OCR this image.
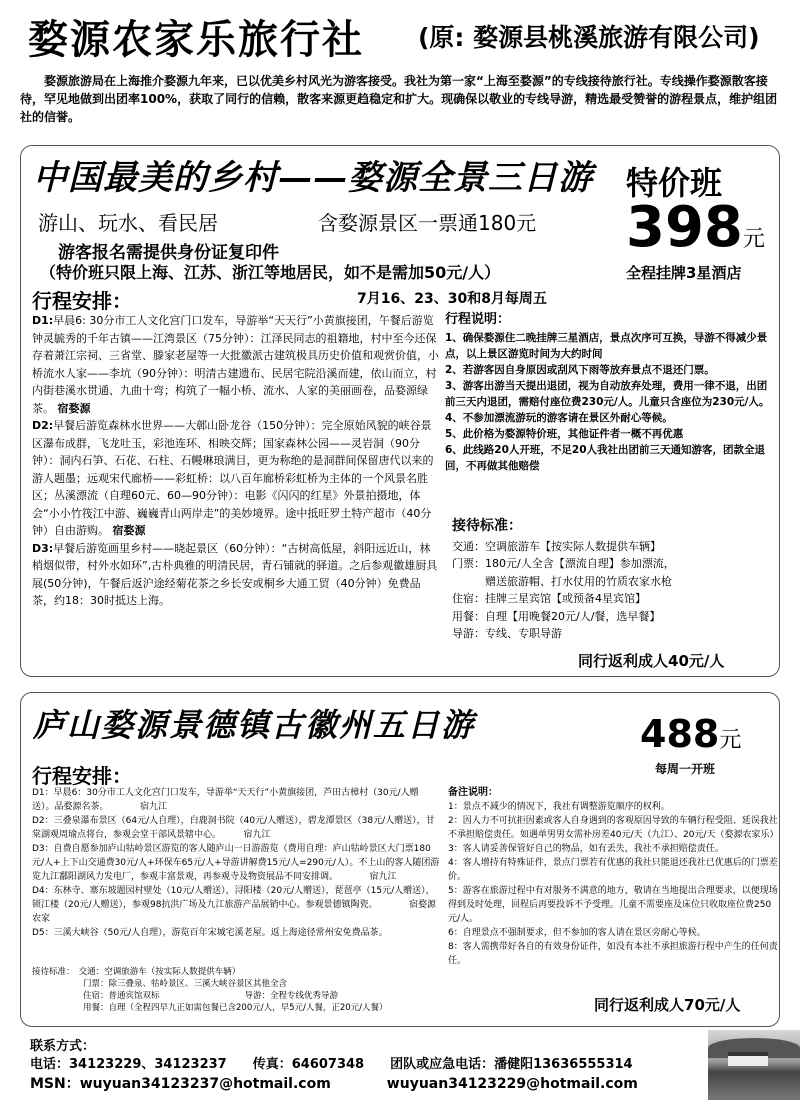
婺源农家乐旅行社 (原: 婺源县桃溪旅游有限公司)
婺源旅游局在上海推介婺源九年来，已以优美乡村风光为游客接受。我社为第一家“上海至婺源”的专线接待旅行社。专线操作婺源散客接待，罕见地做到出团率100%，获取了同行的信赖，散客来源更趋稳定和扩大。现确保以敬业的专线导游，精选最受赞誉的游程景点，维护组团社的信誉。
中国最美的乡村——婺源全景三日游 特价班
398元
全程挂牌3星酒店
游山、玩水、看民居	含婺源景区一票通180元
游客报名需提供身份证复印件
（特价班只限上海、江苏、浙江等地居民，如不是需加50元/人）
行程安排：	7月16、23、30和8月每周五

D1:早晨6: 30分市工人文化宫门口发车，导游举“天天行”小黄旗接团，午餐后游览钟灵毓秀的千年古镇——江湾景区（75分钟）：江泽民同志的祖籍地，村中至今还保存着萧江宗祠、三省堂、滕家老屋等一大批徽派古建筑极具历史价值和观赏价值，小桥流水人家——李坑（90分钟）：明清古建遗布、民居宅院沿溪而建，依山而立，村内街巷溪水贯通、九曲十弯；构筑了一幅小桥、流水、人家的美丽画卷，品婺源绿茶。 宿婺源

D2:早餐后游览森林水世界——大鄣山卧龙谷（150分钟）：完全原始风貌的峡谷景区瀑布成群，飞龙吐玉，彩池连环、相映交辉；国家森林公园——灵岩洞（90分钟）：洞内石笋、石花、石柱、石幔琳琅满目，更为称绝的是洞群间保留唐代以来的游人题墨；远观宋代廊桥——彩虹桥：以八百年廊桥彩虹桥为主体的一个风景名胜区；丛溪漂流（自理60元、60—90分钟）：电影《闪闪的红星》外景拍摄地，体会“小小竹筏江中游、巍巍青山两岸走”的美妙境界。途中抵旺罗土特产超市（40分钟）自由游购。 宿婺源

D3:早餐后游览画里乡村——晓起景区（60分钟）：“古树高低屋，斜阳远近山，林梢烟似带，村外水如环”,古朴典雅的明清民居，青石铺就的驿道。之后参观徽雄厨具展(50分钟)，午餐后返沪途经菊花茶之乡长安或桐乡大通工贸（40分钟）免费品茶，约18：30时抵达上海。

行程说明：

1、确保婺源住二晚挂牌三星酒店，景点次序可互换，导游不得减少景点，以上景区游览时间为大约时间

2、若游客因自身原因或刮风下雨等放弃景点不退还门票。

3、游客出游当天提出退团，视为自动放弃处理，费用一律不退，出团前三天内退团，需赔付座位费230元/人。儿童只含座位为230元/人。

4、不参加漂流游玩的游客请在景区外耐心等候。

5、此价格为婺源特价班，其他证件者一概不再优惠

6、此线路20人开班，不足20人我社出团前三天通知游客，团款全退回，不再做其他赔偿

接待标准：
交通：空调旅游车【按实际人数提供车辆】
门票：180元/人全含【漂流自理】参加漂流，
　　　赠送旅游帽、打水仗用的竹质农家水枪
住宿：挂牌三星宾馆【或预备4星宾馆】
用餐：自理【用晚餐20元/人/餐，选早餐】
导游：专线、专职导游
同行返利成人40元/人
庐山婺源景德镇古徽州五日游	488元
每周一开班
行程安排：
D1：早晨6：30分市工人文化宫门口发车，导游举“天天行”小黄旗接团，芦田古樟村（30元/人赠送）。品婺源名茶。　　　　宿九江
D2：三叠泉瀑布景区（64元/人自理），白鹿洞书院（40元/人赠送），碧龙潭景区（38元/人赠送），甘棠湖观周瑜点将台，参观会堂干部风景辖中心。　　　宿九江
D3：自费自愿参加庐山牯岭景区游览的客人随庐山一日游游览（费用自理：庐山牯岭景区大门票180元/人+上下山交通费30元/人+环保车65元/人+导游讲解费15元/人=290元/人）。不上山的客人随团游览九江鄱阳湖风力发电厂，参观丰富景观，再参观寺及物资展品不同安排调。　　　　宿九江
D4：东林寺、寨东坡题园村壁处（10元/人赠送），浔阳楼（20元/人赠送），琵琶亭（15元/人赠送），锁江楼（20元/人赠送），参观98抗洪广场及九江旅游产品展销中心。参观景德镇陶瓷。　　　　宿婺源农家
D5：三溪大峡谷（50元/人自理），游览百年宋城宅溪老屋。返上海途径常州安免费品茶。
备注说明：
1：景点不减少的情况下，我社有调整游览顺序的权利。
2：因人力不可抗拒因素或客人自身遇到的客观原因导致的车辆行程受阻、延误我社不承担赔偿责任。如遇单男男女需补房差40元/天（九江）、20元/天（婺源农家乐）
3：客人请妥善保管好自己的物品，如有丢失，我社不承担赔偿责任。
4：客人增持有特殊证件，景点门票若有优惠的我社只能退还我社已优惠后的门票差价。
5：游客在旅游过程中有对服务不满意的地方，敬请在当地提出合理要求，以便现场得到及时处理，回程后再要投诉不予受理。儿童不需要座及床位只收取座位费250元/人。
6：自理景点不强制要求，但不参加的客人请在景区旁耐心等候。
8：客人需携带好各自的有效身份证件，如没有本社不承担旅游行程中产生的任何责任。
接待标准：　交通：空调旅游车（按实际人数提供车辆）
　　　　　　门票：除三叠泉、牯岭景区、三溪大峡谷景区其他全含
　　　　　　住宿：普通宾馆双标　　　　　　　　　　导游：全程专线优秀导游
　　　　　　用餐：自理（全程四早九正如需包餐已含200元/人，早5元/人餐，正20元/人餐）	同行返利成人70元/人
联系方式：
电话：34123229、34123237　　传真：64607348　　团队或应急电话：潘健阳13636555314
MSN：wuyuan34123237@hotmail.com　　　　wuyuan34123229@hotmail.com
